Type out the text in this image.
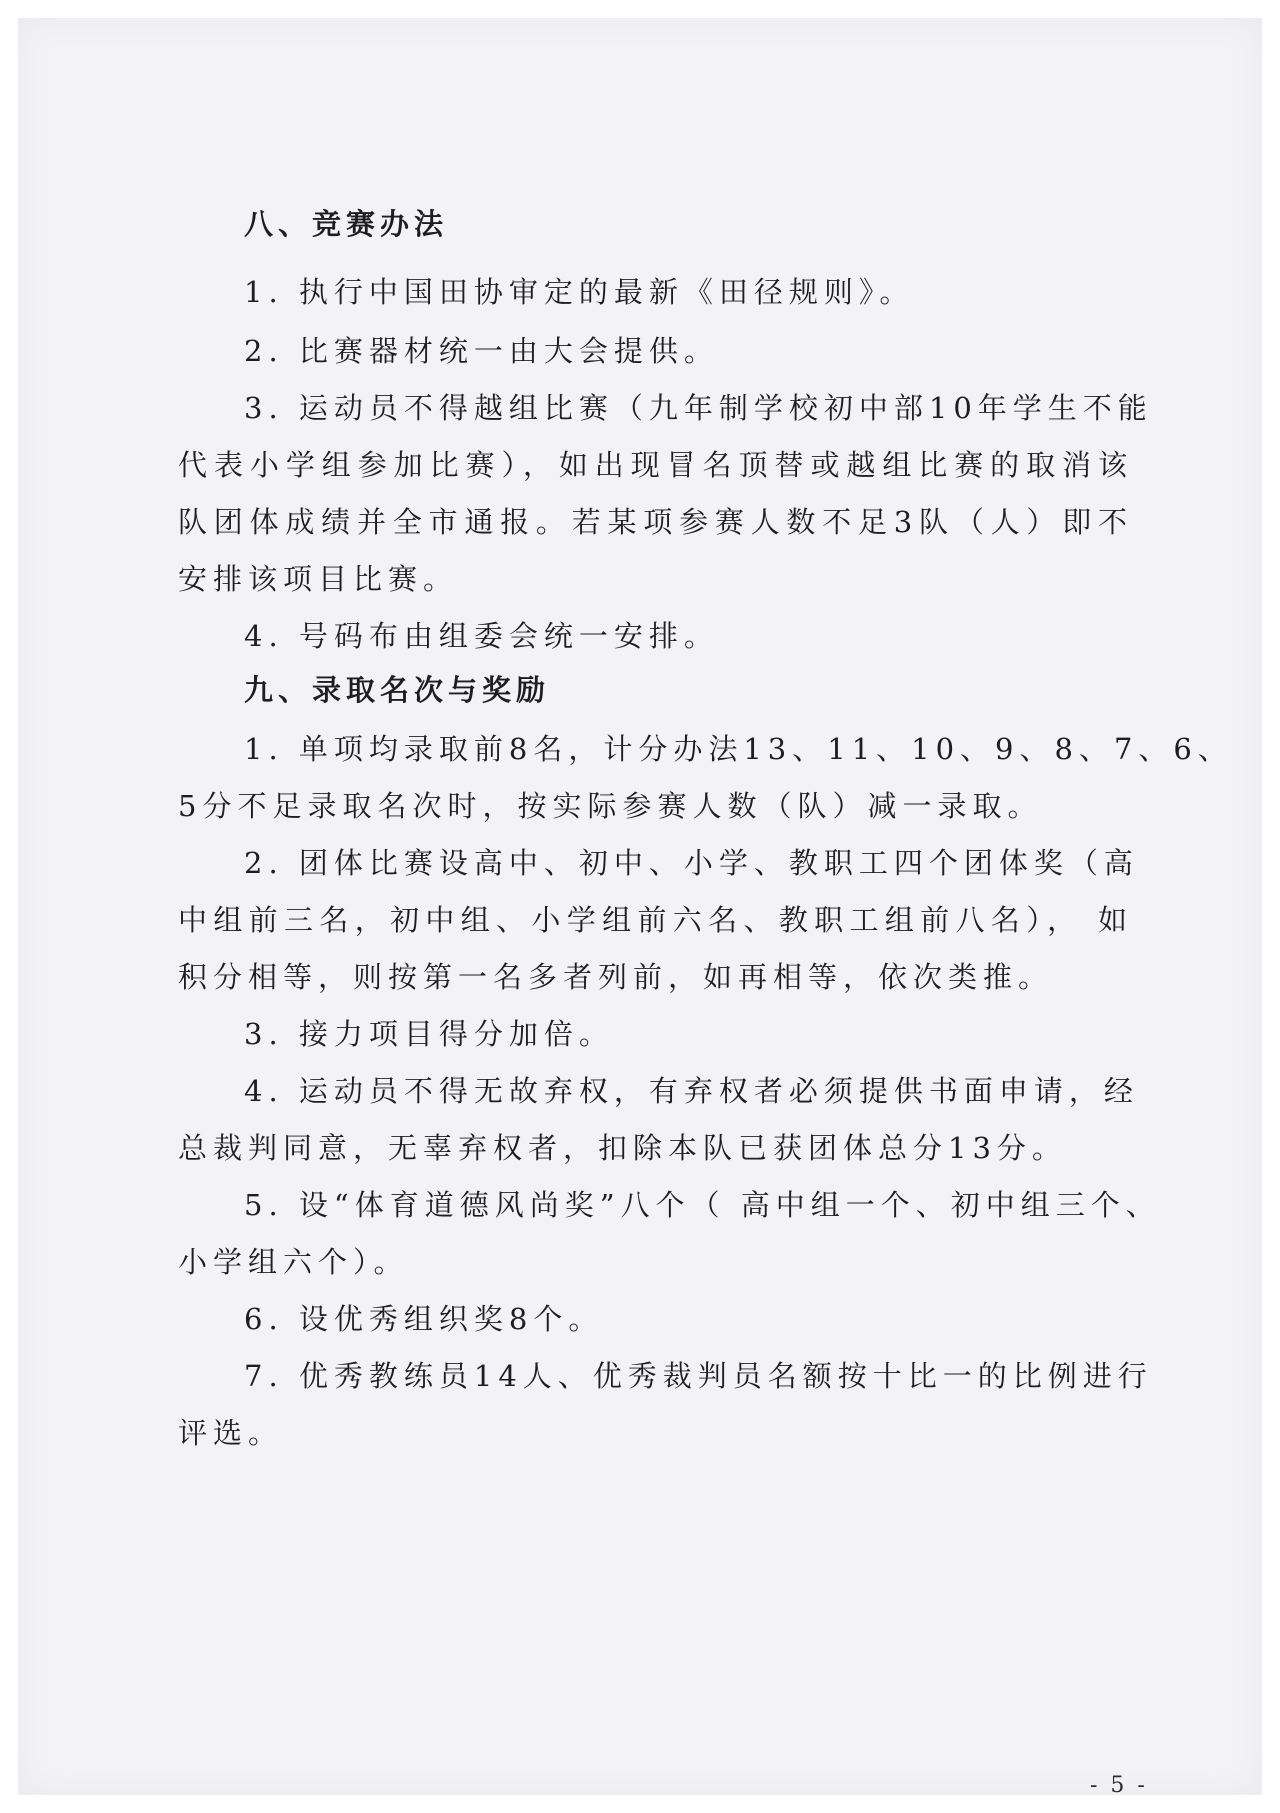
八、竞赛办法

1. 执行中国田协审定的最新《田径规则》。

2. 比赛器材统一由大会提供。

3. 运动员不得越组比赛（九年制学校初中部10年学生不能

代表小学组参加比赛），如出现冒名顶替或越组比赛的取消该

队团体成绩并全市通报。若某项参赛人数不足3队（人）即不

安排该项目比赛。

4. 号码布由组委会统一安排。

九、录取名次与奖励

1. 单项均录取前8名，计分办法13、11、10、9、8、7、6、

5分不足录取名次时，按实际参赛人数（队）减一录取。

2. 团体比赛设高中、初中、小学、教职工四个团体奖（高

中组前三名，初中组、小学组前六名、教职工组前八名）， 如

积分相等，则按第一名多者列前，如再相等，依次类推。

3. 接力项目得分加倍。

4. 运动员不得无故弃权，有弃权者必须提供书面申请，经

总裁判同意，无辜弃权者，扣除本队已获团体总分13分。

5. 设“体育道德风尚奖”八个（ 高中组一个、初中组三个、

小学组六个）。

6. 设优秀组织奖8个。

7. 优秀教练员14人、优秀裁判员名额按十比一的比例进行

评选。

- 5 -
